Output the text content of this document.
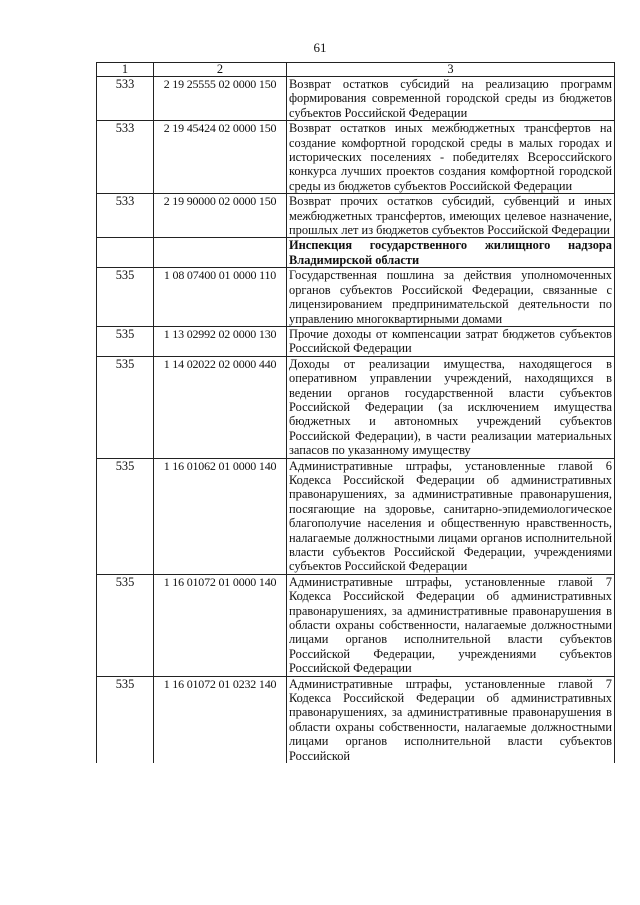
61
1	2	3
533	2 19 25555 02 0000 150	Возврат остатков субсидий на реализацию программ формирования современной городской среды из бюджетов субъектов Российской Федерации
533	2 19 45424 02 0000 150	Возврат остатков иных межбюджетных трансфертов на создание комфортной городской среды в малых городах и исторических поселениях - победителях Всероссийского конкурса лучших проектов создания комфортной городской среды из бюджетов субъектов Российской Федерации
533	2 19 90000 02 0000 150	Возврат прочих остатков субсидий, субвенций и иных межбюджетных трансфертов, имеющих целевое назначение, прошлых лет из бюджетов субъектов Российской Федерации
		Инспекция государственного жилищного надзора Владимирской области
535	1 08 07400 01 0000 110	Государственная пошлина за действия уполномоченных органов субъектов Российской Федерации, связанные с лицензированием предпринимательской деятельности по управлению многоквартирными домами
535	1 13 02992 02 0000 130	Прочие доходы от компенсации затрат бюджетов субъектов Российской Федерации
535	1 14 02022 02 0000 440	Доходы от реализации имущества, находящегося в оперативном управлении учреждений, находящихся в ведении органов государственной власти субъектов Российской Федерации (за исключением имущества бюджетных и автономных учреждений субъектов Российской Федерации), в части реализации материальных запасов по указанному имуществу
535	1 16 01062 01 0000 140	Административные штрафы, установленные главой 6 Кодекса Российской Федерации об административных правонарушениях, за административные правонарушения, посягающие на здоровье, санитарно-эпидемиологическое благополучие населения и общественную нравственность, налагаемые должностными лицами органов исполнительной власти субъектов Российской Федерации, учреждениями субъектов Российской Федерации
535	1 16 01072 01 0000 140	Административные штрафы, установленные главой 7 Кодекса Российской Федерации об административных правонарушениях, за административные правонарушения в области охраны собственности, налагаемые должностными лицами органов исполнительной власти субъектов Российской Федерации, учреждениями субъектов Российской Федерации
535	1 16 01072 01 0232 140	Административные штрафы, установленные главой 7 Кодекса Российской Федерации об административных правонарушениях, за административные правонарушения в области охраны собственности, налагаемые должностными лицами органов исполнительной власти субъектов Российской
